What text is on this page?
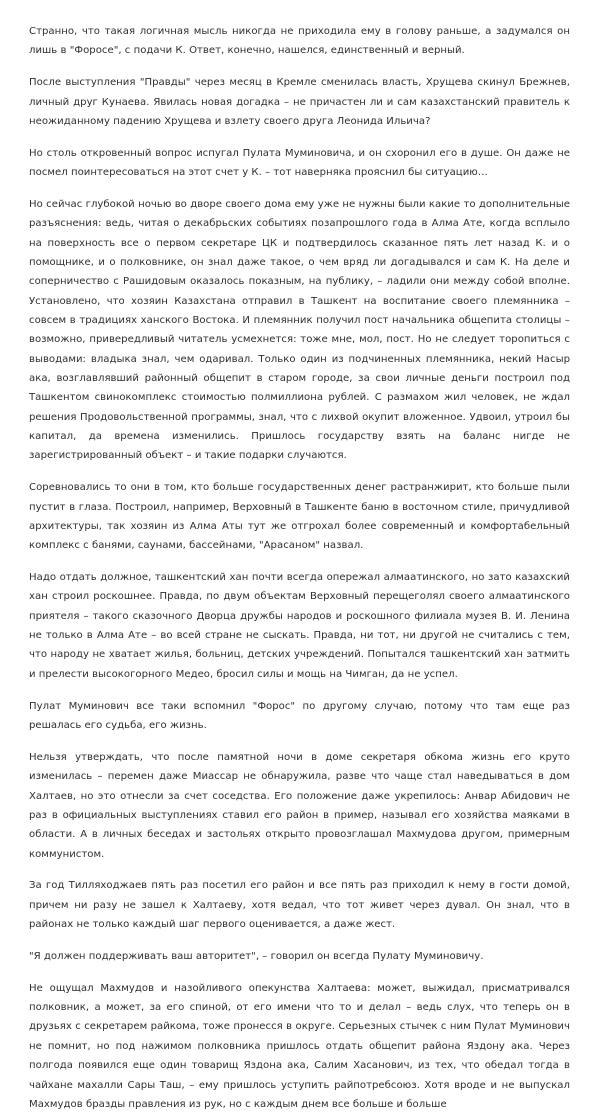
Странно, что такая логичная мысль никогда не приходила ему в голову раньше, а задумался он лишь в "Форосе", с подачи К. Ответ, конечно, нашелся, единственный и верный.

После выступления "Правды" через месяц в Кремле сменилась власть, Хрущева скинул Брежнев, личный друг Кунаева. Явилась новая догадка – не причастен ли и сам казахстанский правитель к неожиданному падению Хрущева и взлету своего друга Леонида Ильича?

Но столь откровенный вопрос испугал Пулата Муминовича, и он схоронил его в душе. Он даже не посмел поинтересоваться на этот счет у К. – тот наверняка прояснил бы ситуацию…

Но сейчас глубокой ночью во дворе своего дома ему уже не нужны были какие то дополнительные разъяснения: ведь, читая о декабрьских событиях позапрошлого года в Алма Ате, когда всплыло на поверхность все о первом секретаре ЦК и подтвердилось сказанное пять лет назад К. и о помощнике, и о полковнике, он знал даже такое, о чем вряд ли догадывался и сам К. На деле и соперничество с Рашидовым оказалось показным, на публику, – ладили они между собой вполне. Установлено, что хозяин Казахстана отправил в Ташкент на воспитание своего племянника – совсем в традициях ханского Востока. И племянник получил пост начальника общепита столицы – возможно, привередливый читатель усмехнется: тоже мне, мол, пост. Но не следует торопиться с выводами: владыка знал, чем одаривал. Только один из подчиненных племянника, некий Насыр ака, возглавлявший районный общепит в старом городе, за свои личные деньги построил под Ташкентом свинокомплекс стоимостью полмиллиона рублей. С размахом жил человек, не ждал решения Продовольственной программы, знал, что с лихвой окупит вложенное. Удвоил, утроил бы капитал, да времена изменились. Пришлось государству взять на баланс нигде не зарегистрированный объект – и такие подарки случаются.

Соревновались то они в том, кто больше государственных денег растранжирит, кто больше пыли пустит в глаза. Построил, например, Верховный в Ташкенте баню в восточном стиле, причудливой архитектуры, так хозяин из Алма Аты тут же отгрохал более современный и комфортабельный комплекс с банями, саунами, бассейнами, "Арасаном" назвал.

Надо отдать должное, ташкентский хан почти всегда опережал алмаатинского, но зато казахский хан строил роскошнее. Правда, по двум объектам Верховный перещеголял своего алмаатинского приятеля – такого сказочного Дворца дружбы народов и роскошного филиала музея В. И. Ленина не только в Алма Ате – во всей стране не сыскать. Правда, ни тот, ни другой не считались с тем, что народу не хватает жилья, больниц, детских учреждений. Попытался ташкентский хан затмить и прелести высокогорного Медео, бросил силы и мощь на Чимган, да не успел.

Пулат Муминович все таки вспомнил "Форос" по другому случаю, потому что там еще раз решалась его судьба, его жизнь.

Нельзя утверждать, что после памятной ночи в доме секретаря обкома жизнь его круто изменилась – перемен даже Миассар не обнаружила, разве что чаще стал наведываться в дом Халтаев, но это отнесли за счет соседства. Его положение даже укрепилось: Анвар Абидович не раз в официальных выступлениях ставил его район в пример, называл его хозяйства маяками в области. А в личных беседах и застольях открыто провозглашал Махмудова другом, примерным коммунистом.

За год Тилляходжаев пять раз посетил его район и все пять раз приходил к нему в гости домой, причем ни разу не зашел к Халтаеву, хотя ведал, что тот живет через дувал. Он знал, что в районах не только каждый шаг первого оценивается, а даже жест.

"Я должен поддерживать ваш авторитет", – говорил он всегда Пулату Муминовичу.

Не ощущал Махмудов и назойливого опекунства Халтаева: может, выжидал, присматривался полковник, а может, за его спиной, от его имени что то и делал – ведь слух, что теперь он в друзьях с секретарем райкома, тоже пронесся в округе. Серьезных стычек с ним Пулат Муминович не помнит, но под нажимом полковника пришлось отдать общепит района Яздону ака. Через полгода появился еще один товарищ Яздона ака, Салим Хасанович, из тех, что обедал тогда в чайхане махалли Сары Таш, – ему пришлось уступить райпотребсоюз. Хотя вроде и не выпускал Махмудов бразды правления из рук, но с каждым днем все больше и больше
